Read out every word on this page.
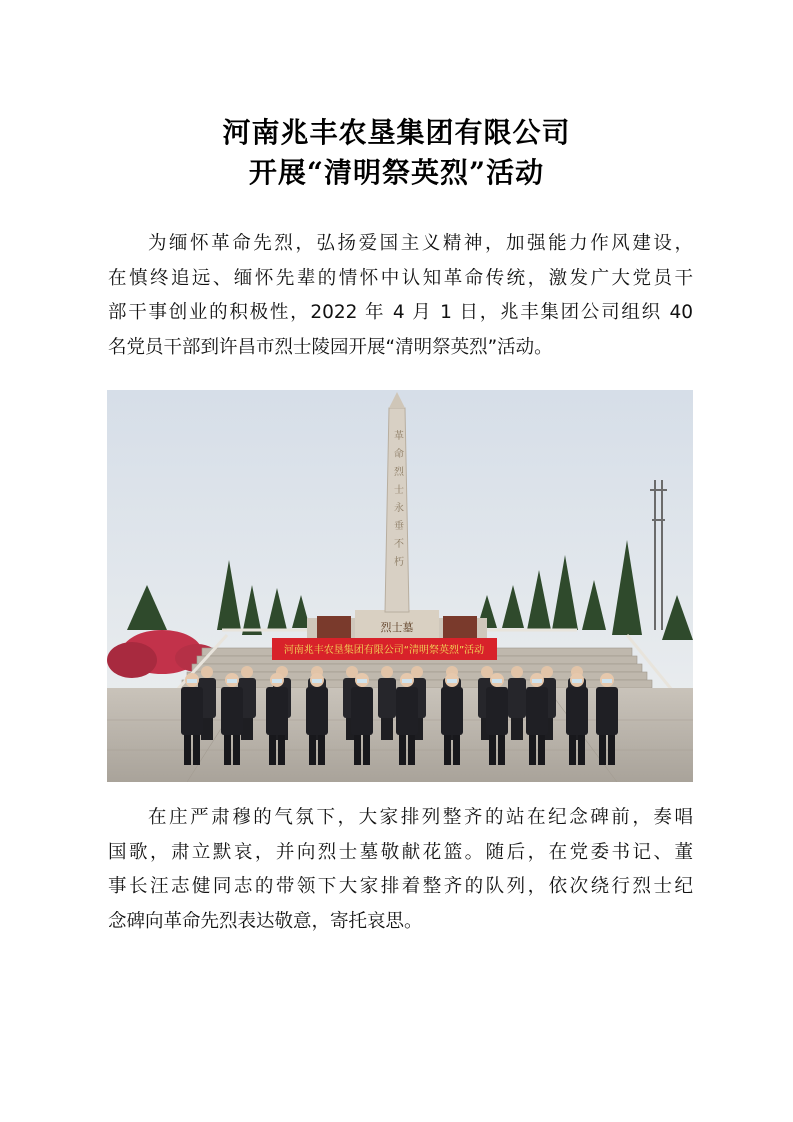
河南兆丰农垦集团有限公司
开展“清明祭英烈”活动
为缅怀革命先烈，弘扬爱国主义精神，加强能力作风建设，
在慎终追远、缅怀先辈的情怀中认知革命传统，激发广大党员干
部干事创业的积极性，2022 年 4 月 1 日，兆丰集团公司组织 40
名党员干部到许昌市烈士陵园开展“清明祭英烈”活动。
烈士墓
革命烈士永垂不朽
河南兆丰农垦集团有限公司“清明祭英烈”活动
在庄严肃穆的气氛下，大家排列整齐的站在纪念碑前，奏唱
国歌，肃立默哀，并向烈士墓敬献花篮。随后，在党委书记、董
事长汪志健同志的带领下大家排着整齐的队列，依次绕行烈士纪
念碑向革命先烈表达敬意，寄托哀思。
